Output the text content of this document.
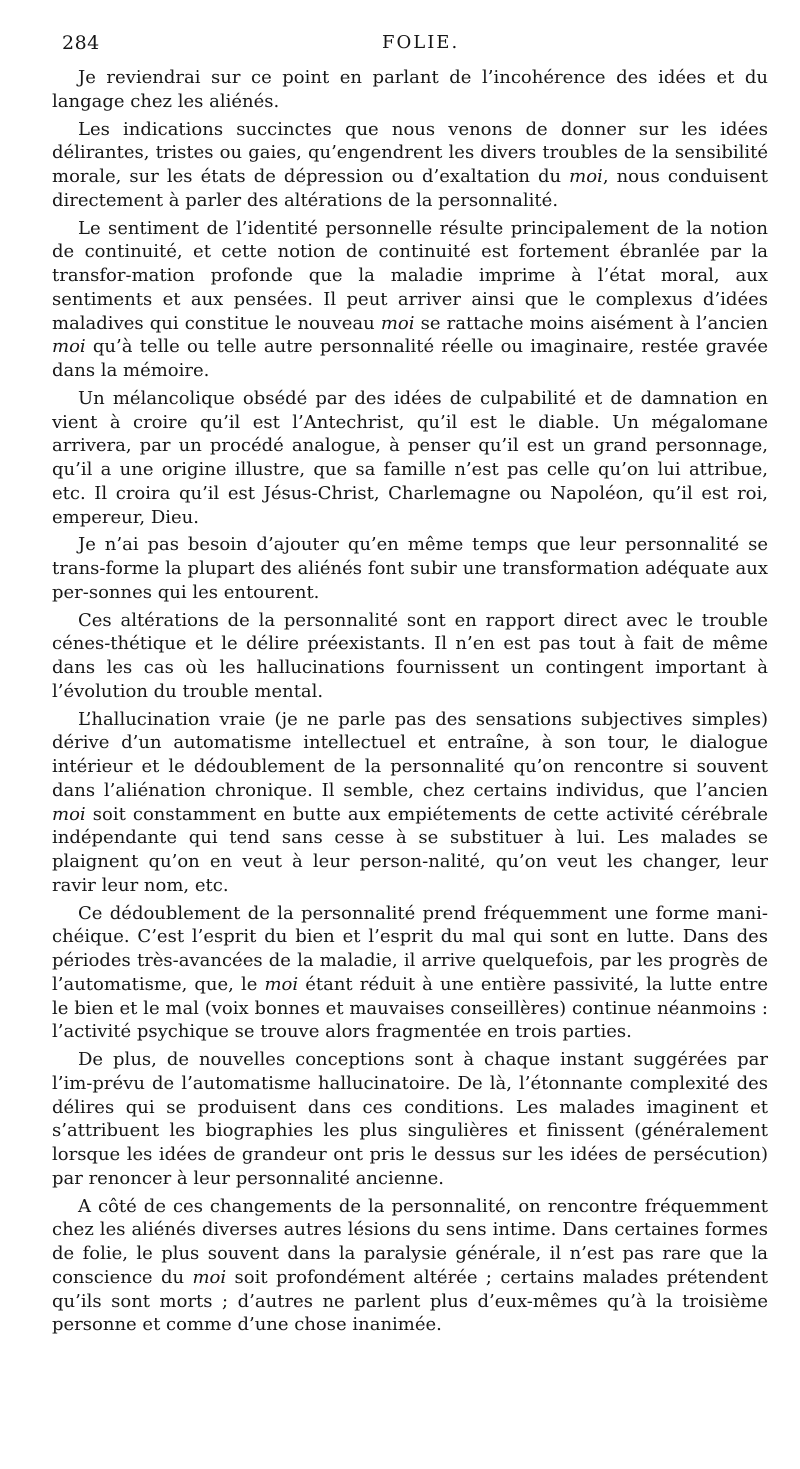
284	FOLIE.

Je reviendrai sur ce point en parlant de l’incohérence des idées et du langage chez les aliénés.

Les indications succinctes que nous venons de donner sur les idées délirantes, tristes ou gaies, qu’engendrent les divers troubles de la sensibilité morale, sur les états de dépression ou d’exaltation du moi, nous conduisent directement à parler des altérations de la personnalité.

Le sentiment de l’identité personnelle résulte principalement de la notion de continuité, et cette notion de continuité est fortement ébranlée par la transfor-mation profonde que la maladie imprime à l’état moral, aux sentiments et aux pensées. Il peut arriver ainsi que le complexus d’idées maladives qui constitue le nouveau moi se rattache moins aisément à l’ancien moi qu’à telle ou telle autre personnalité réelle ou imaginaire, restée gravée dans la mémoire.

Un mélancolique obsédé par des idées de culpabilité et de damnation en vient à croire qu’il est l’Antechrist, qu’il est le diable. Un mégalomane arrivera, par un procédé analogue, à penser qu’il est un grand personnage, qu’il a une origine illustre, que sa famille n’est pas celle qu’on lui attribue, etc. Il croira qu’il est Jésus-Christ, Charlemagne ou Napoléon, qu’il est roi, empereur, Dieu.

Je n’ai pas besoin d’ajouter qu’en même temps que leur personnalité se trans-forme la plupart des aliénés font subir une transformation adéquate aux per-sonnes qui les entourent.

Ces altérations de la personnalité sont en rapport direct avec le trouble cénes-thétique et le délire préexistants. Il n’en est pas tout à fait de même dans les cas où les hallucinations fournissent un contingent important à l’évolution du trouble mental.

L’hallucination vraie (je ne parle pas des sensations subjectives simples) dérive d’un automatisme intellectuel et entraîne, à son tour, le dialogue intérieur et le dédoublement de la personnalité qu’on rencontre si souvent dans l’aliénation chronique. Il semble, chez certains individus, que l’ancien moi soit constamment en butte aux empiétements de cette activité cérébrale indépendante qui tend sans cesse à se substituer à lui. Les malades se plaignent qu’on en veut à leur person-nalité, qu’on veut les changer, leur ravir leur nom, etc.

Ce dédoublement de la personnalité prend fréquemment une forme mani-chéique. C’est l’esprit du bien et l’esprit du mal qui sont en lutte. Dans des périodes très-avancées de la maladie, il arrive quelquefois, par les progrès de l’automatisme, que, le moi étant réduit à une entière passivité, la lutte entre le bien et le mal (voix bonnes et mauvaises conseillères) continue néanmoins : l’activité psychique se trouve alors fragmentée en trois parties.

De plus, de nouvelles conceptions sont à chaque instant suggérées par l’im-prévu de l’automatisme hallucinatoire. De là, l’étonnante complexité des délires qui se produisent dans ces conditions. Les malades imaginent et s’attribuent les biographies les plus singulières et finissent (généralement lorsque les idées de grandeur ont pris le dessus sur les idées de persécution) par renoncer à leur personnalité ancienne.

A côté de ces changements de la personnalité, on rencontre fréquemment chez les aliénés diverses autres lésions du sens intime. Dans certaines formes de folie, le plus souvent dans la paralysie générale, il n’est pas rare que la conscience du moi soit profondément altérée ; certains malades prétendent qu’ils sont morts ; d’autres ne parlent plus d’eux-mêmes qu’à la troisième personne et comme d’une chose inanimée.
